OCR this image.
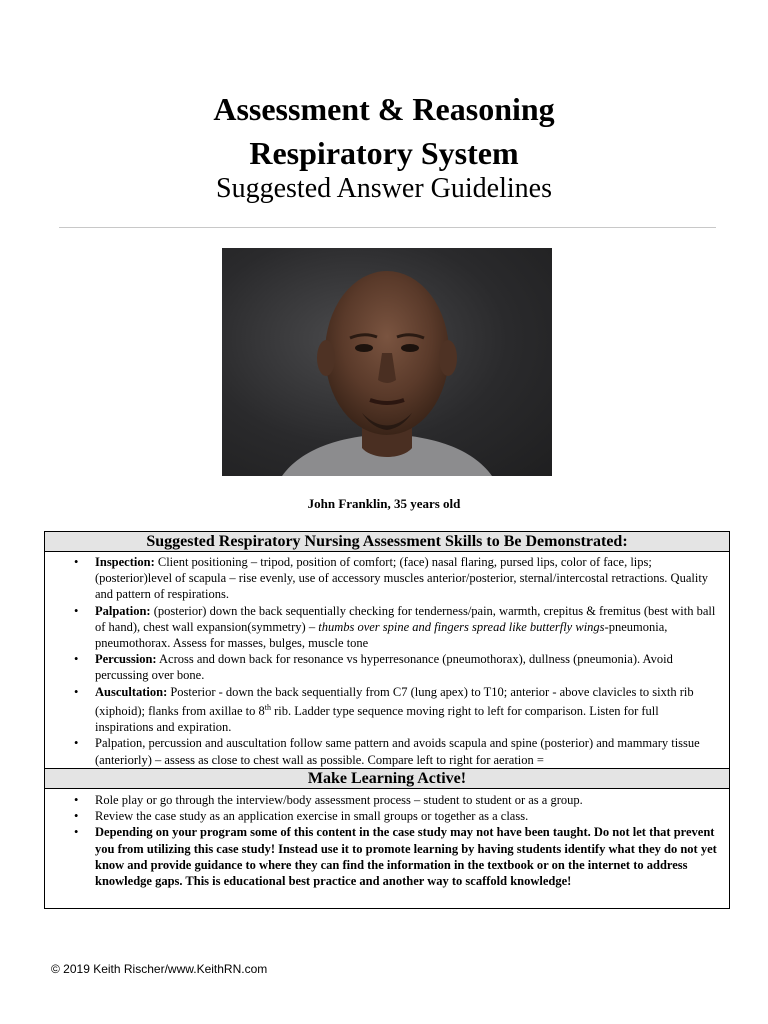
Assessment & Reasoning
Respiratory System
Suggested Answer Guidelines
John Franklin, 35 years old
Suggested Respiratory Nursing Assessment Skills to Be Demonstrated:
• Inspection: Client positioning – tripod, position of comfort; (face) nasal flaring, pursed lips, color of face, lips; (posterior)level of scapula – rise evenly, use of accessory muscles anterior/posterior, sternal/intercostal retractions. Quality and pattern of respirations.
• Palpation: (posterior) down the back sequentially checking for tenderness/pain, warmth, crepitus & fremitus (best with ball of hand), chest wall expansion(symmetry) – thumbs over spine and fingers spread like butterfly wings-pneumonia, pneumothorax. Assess for masses, bulges, muscle tone
• Percussion: Across and down back for resonance vs hyperresonance (pneumothorax), dullness (pneumonia). Avoid percussing over bone.
• Auscultation: Posterior - down the back sequentially from C7 (lung apex) to T10; anterior - above clavicles to sixth rib (xiphoid); flanks from axillae to 8th rib. Ladder type sequence moving right to left for comparison. Listen for full inspirations and expiration.
• Palpation, percussion and auscultation follow same pattern and avoids scapula and spine (posterior) and mammary tissue (anteriorly) – assess as close to chest wall as possible. Compare left to right for aeration =
Make Learning Active!
• Role play or go through the interview/body assessment process – student to student or as a group.
• Review the case study as an application exercise in small groups or together as a class.
• Depending on your program some of this content in the case study may not have been taught. Do not let that prevent you from utilizing this case study! Instead use it to promote learning by having students identify what they do not yet know and provide guidance to where they can find the information in the textbook or on the internet to address knowledge gaps. This is educational best practice and another way to scaffold knowledge!
© 2019 Keith Rischer/www.KeithRN.com
